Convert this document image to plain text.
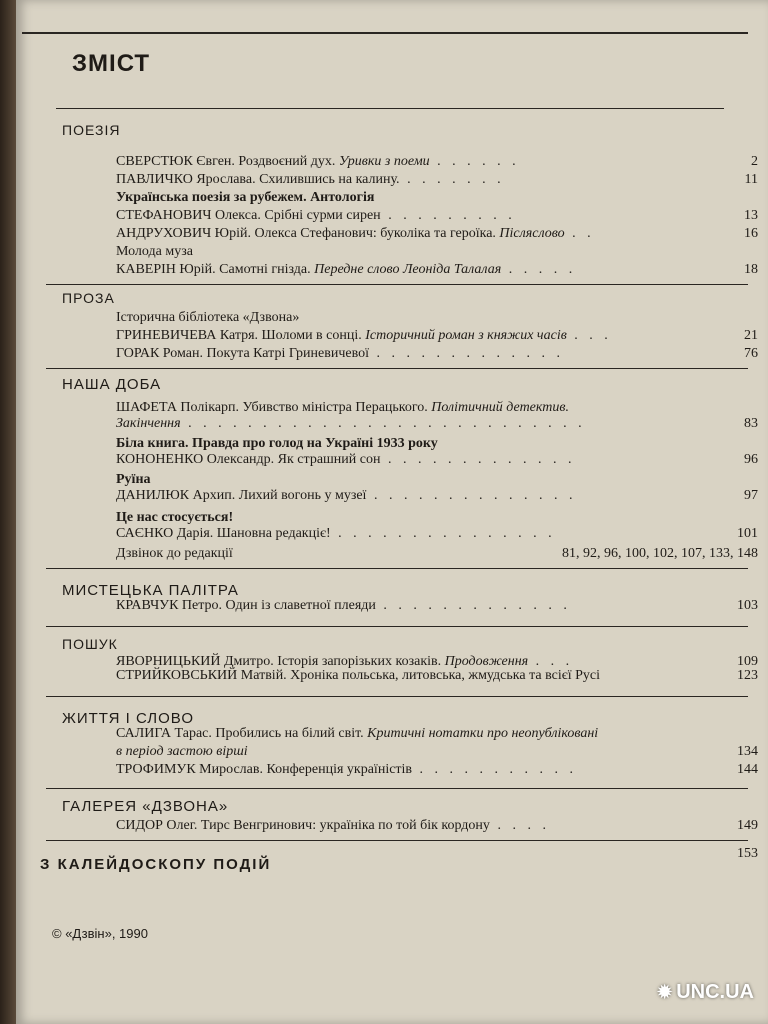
ЗМІСТ
ПОЕЗІЯ
СВЕРСТЮК Євген. Роздвоєний дух. Уривки з поеми . . . . . .	2
ПАВЛИЧКО Ярослава. Схилившись на калину. . . . . . . .	11
Українська поезія за рубежем. Антологія
СТЕФАНОВИЧ Олекса. Срібні сурми сирен . . . . . . . . .	13
АНДРУХОВИЧ Юрій. Олекса Стефанович: буколіка та героїка. Післяслово . .	16
Молода муза
КАВЕРІН Юрій. Самотні гнізда. Передне слово Леоніда Талалая . . . . .	18
ПРОЗА
Історична бібліотека «Дзвона»
ГРИНЕВИЧЕВА Катря. Шоломи в сонці. Історичний роман з княжих часів . . .	21
ГОРАК Роман. Покута Катрі Гриневичевої . . . . . . . . . . . . .	76
НАША ДОБА
ШАФЕТА Полікарп. Убивство міністра Перацького. Політичний детектив.
Закінчення . . . . . . . . . . . . . . . . . . . . . . . . . . .	83
Біла книга. Правда про голод на Україні 1933 року
КОНОНЕНКО Олександр. Як страшний сон . . . . . . . . . . . . .	96
Руїна
ДАНИЛЮК Архип. Лихий вогонь у музеї . . . . . . . . . . . . . .	97
Це нас стосується!
САЄНКО Дарія. Шановна редакціє! . . . . . . . . . . . . . . .	101
Дзвінок до редакції	81, 92, 96, 100, 102, 107, 133, 148
МИСТЕЦЬКА ПАЛІТРА
КРАВЧУК Петро. Один із славетної плеяди . . . . . . . . . . . . .	103
ПОШУК
ЯВОРНИЦЬКИЙ Дмитро. Історія запорізьких козаків. Продовження . . .	109
СТРИЙКОВСЬКИЙ Матвій. Хроніка польська, литовська, жмудська та всієї Русі	123
ЖИТТЯ І СЛОВО
САЛИГА Тарас. Пробились на білий світ. Критичні нотатки про неопубліковані
в період застою вірші	134
ТРОФИМУК Мирослав. Конференція україністів . . . . . . . . . . .	144
ГАЛЕРЕЯ «ДЗВОНА»
СИДОР Олег. Тирс Венгринович: україніка по той бік кордону . . . .	149
З КАЛЕЙДОСКОПУ ПОДІЙ
153
© «Дзвін», 1990
✹ UNC.UA
